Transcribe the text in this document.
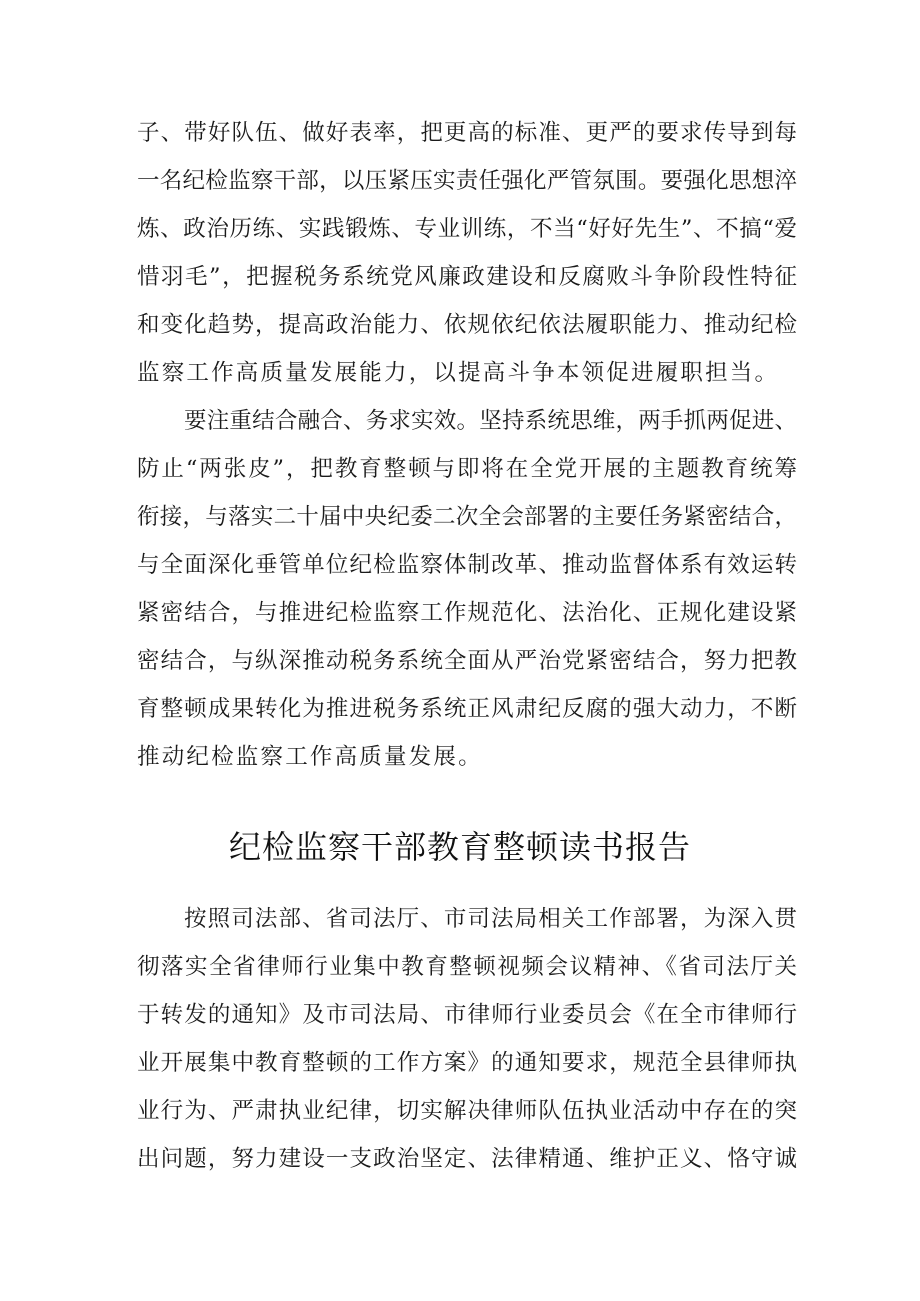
子、带好队伍、做好表率，把更高的标准、更严的要求传导到每
一名纪检监察干部，以压紧压实责任强化严管氛围。要强化思想淬
炼、政治历练、实践锻炼、专业训练，不当“好好先生”、不搞“爱
惜羽毛”，把握税务系统党风廉政建设和反腐败斗争阶段性特征
和变化趋势，提高政治能力、依规依纪依法履职能力、推动纪检
监察工作高质量发展能力，以提高斗争本领促进履职担当。
要注重结合融合、务求实效。坚持系统思维，两手抓两促进、
防止“两张皮”，把教育整顿与即将在全党开展的主题教育统筹
衔接，与落实二十届中央纪委二次全会部署的主要任务紧密结合，
与全面深化垂管单位纪检监察体制改革、推动监督体系有效运转
紧密结合，与推进纪检监察工作规范化、法治化、正规化建设紧
密结合，与纵深推动税务系统全面从严治党紧密结合，努力把教
育整顿成果转化为推进税务系统正风肃纪反腐的强大动力，不断
推动纪检监察工作高质量发展。
纪检监察干部教育整顿读书报告
按照司法部、省司法厅、市司法局相关工作部署，为深入贯
彻落实全省律师行业集中教育整顿视频会议精神、《省司法厅关
于转发的通知》及市司法局、市律师行业委员会《在全市律师行
业开展集中教育整顿的工作方案》的通知要求，规范全县律师执
业行为、严肃执业纪律，切实解决律师队伍执业活动中存在的突
出问题，努力建设一支政治坚定、法律精通、维护正义、恪守诚
